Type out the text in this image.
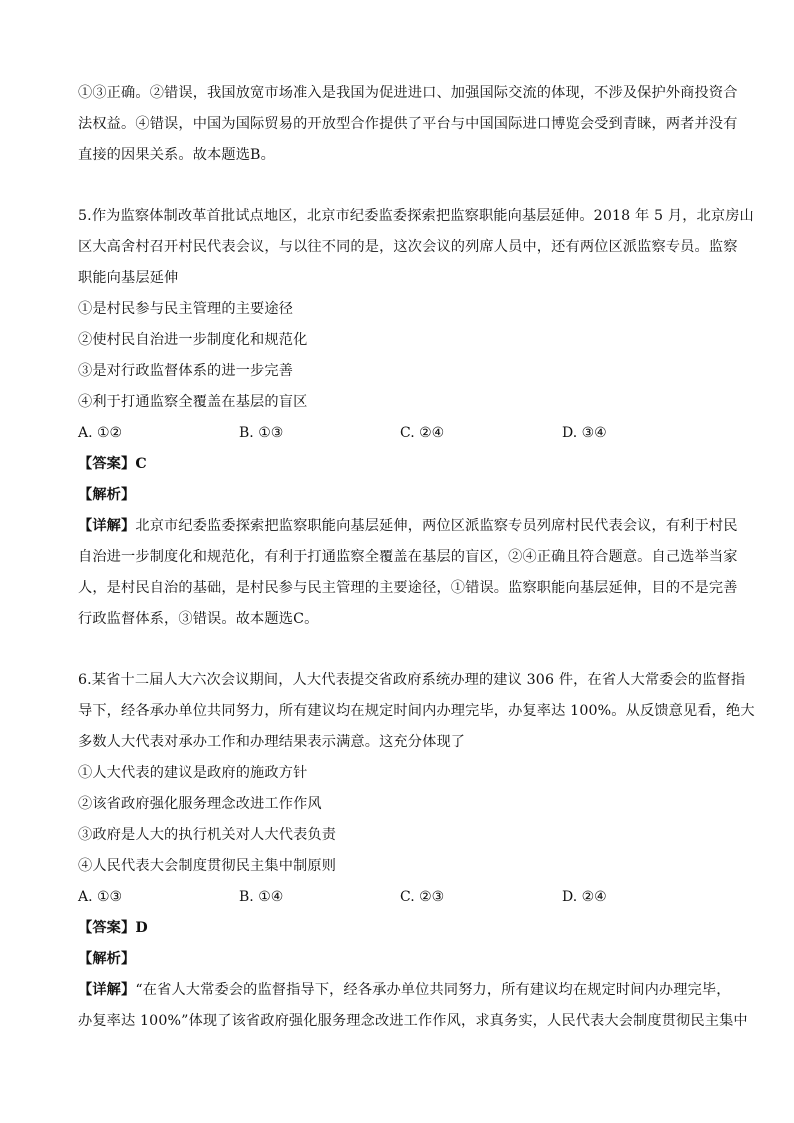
①③正确。②错误，我国放宽市场准入是我国为促进进口、加强国际交流的体现，不涉及保护外商投资合
法权益。④错误，中国为国际贸易的开放型合作提供了平台与中国国际进口博览会受到青睐，两者并没有
直接的因果关系。故本题选B。
5.作为监察体制改革首批试点地区，北京市纪委监委探索把监察职能向基层延伸。2018 年 5 月，北京房山
区大高舍村召开村民代表会议，与以往不同的是，这次会议的列席人员中，还有两位区派监察专员。监察
职能向基层延伸
①是村民参与民主管理的主要途径
②使村民自治进一步制度化和规范化
③是对行政监督体系的进一步完善
④利于打通监察全覆盖在基层的盲区
A. ①②	B. ①③	C. ②④	D. ③④
【答案】C
【解析】
【详解】北京市纪委监委探索把监察职能向基层延伸，两位区派监察专员列席村民代表会议，有利于村民
自治进一步制度化和规范化，有利于打通监察全覆盖在基层的盲区，②④正确且符合题意。自己选举当家
人，是村民自治的基础，是村民参与民主管理的主要途径，①错误。监察职能向基层延伸，目的不是完善
行政监督体系，③错误。故本题选C。
6.某省十二届人大六次会议期间，人大代表提交省政府系统办理的建议 306 件，在省人大常委会的监督指
导下，经各承办单位共同努力，所有建议均在规定时间内办理完毕，办复率达 100%。从反馈意见看，绝大
多数人大代表对承办工作和办理结果表示满意。这充分体现了
①人大代表的建议是政府的施政方针
②该省政府强化服务理念改进工作作风
③政府是人大的执行机关对人大代表负责
④人民代表大会制度贯彻民主集中制原则
A. ①③	B. ①④	C. ②③	D. ②④
【答案】D
【解析】
【详解】“在省人大常委会的监督指导下，经各承办单位共同努力，所有建议均在规定时间内办理完毕，
办复率达 100%”体现了该省政府强化服务理念改进工作作风，求真务实，人民代表大会制度贯彻民主集中
